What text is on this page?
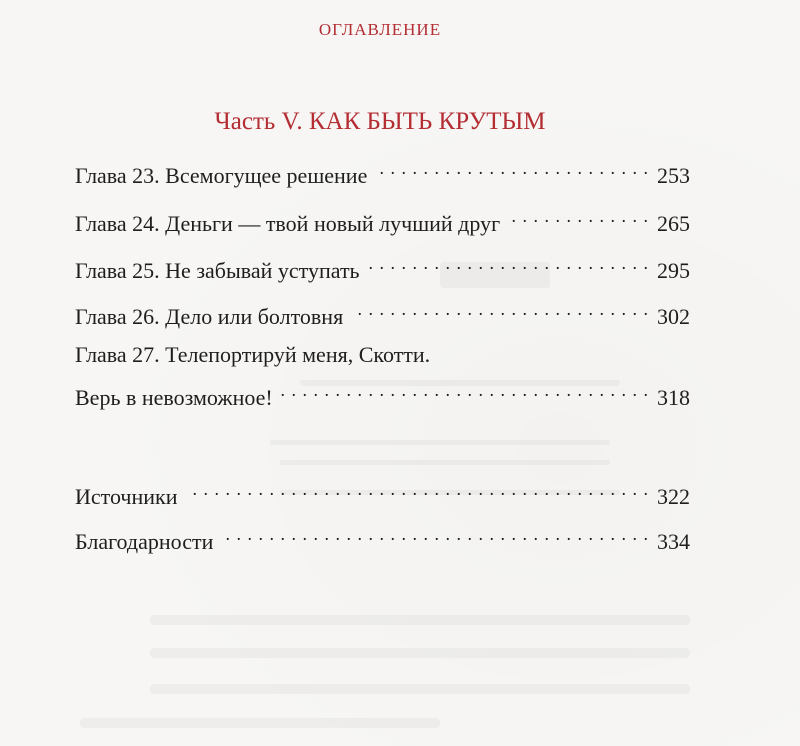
ОГЛАВЛЕНИЕ
Часть V. КАК БЫТЬ КРУТЫМ
Глава 23. Всемогущее решение . . .	253
Глава 24. Деньги — твой новый лучший друг . . .	265
Глава 25. Не забывай уступать . . .	295
Глава 26. Дело или болтовня . . .	302
Глава 27. Телепортируй меня, Скотти.
Верь в невозможное! . . .	318
Источники . . .	322
Благодарности . . .	334
